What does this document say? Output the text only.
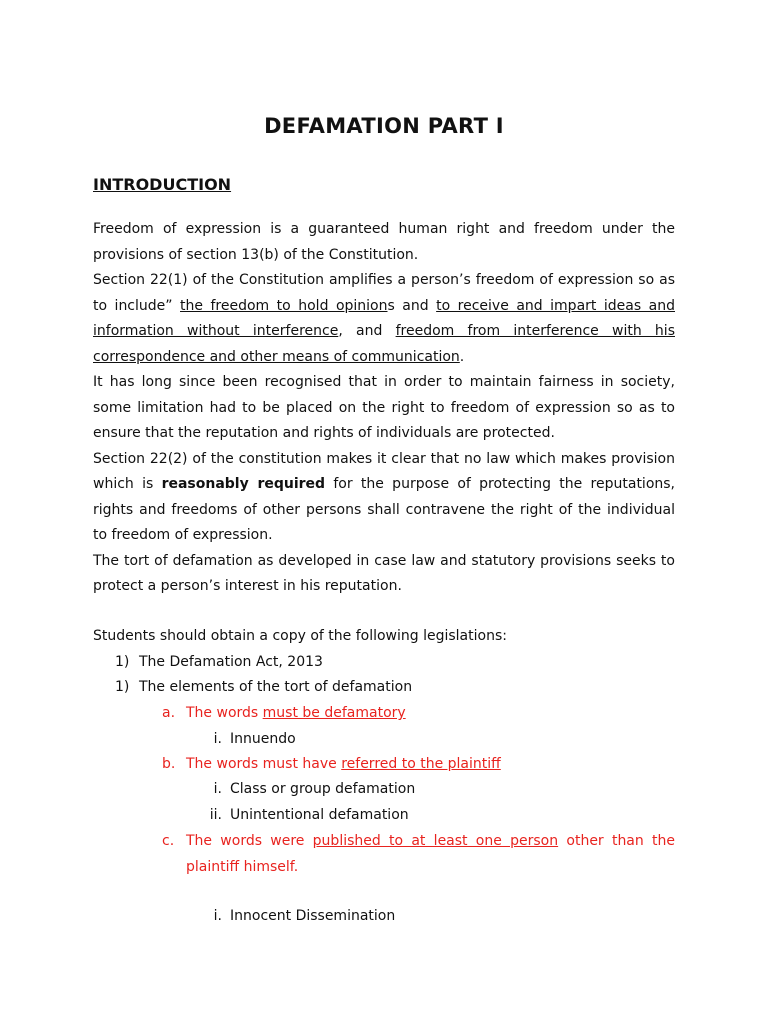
DEFAMATION PART I
INTRODUCTION

Freedom of expression is a guaranteed human right and freedom under the provisions of section 13(b) of the Constitution.

Section 22(1) of the Constitution amplifies a person’s freedom of expression so as to include” the freedom to hold opinions and to receive and impart ideas and information without interference, and freedom from interference with his correspondence and other means of communication.

It has long since been recognised that in order to maintain fairness in society, some limitation had to be placed on the right to freedom of expression so as to ensure that the reputation and rights of individuals are protected.

Section 22(2) of the constitution makes it clear that no law which makes provision which is reasonably required for the purpose of protecting the reputations, rights and freedoms of other persons shall contravene the right of the individual to freedom of expression.

The tort of defamation as developed in case law and statutory provisions seeks to protect a person’s interest in his reputation.

Students should obtain a copy of the following legislations:
1) The Defamation Act, 2013
1) The elements of the tort of defamation
a. The words must be defamatory
i. Innuendo
b. The words must have referred to the plaintiff
i. Class or group defamation
ii. Unintentional defamation
c. The words were published to at least one person other than the plaintiff himself.
i. Innocent Dissemination
